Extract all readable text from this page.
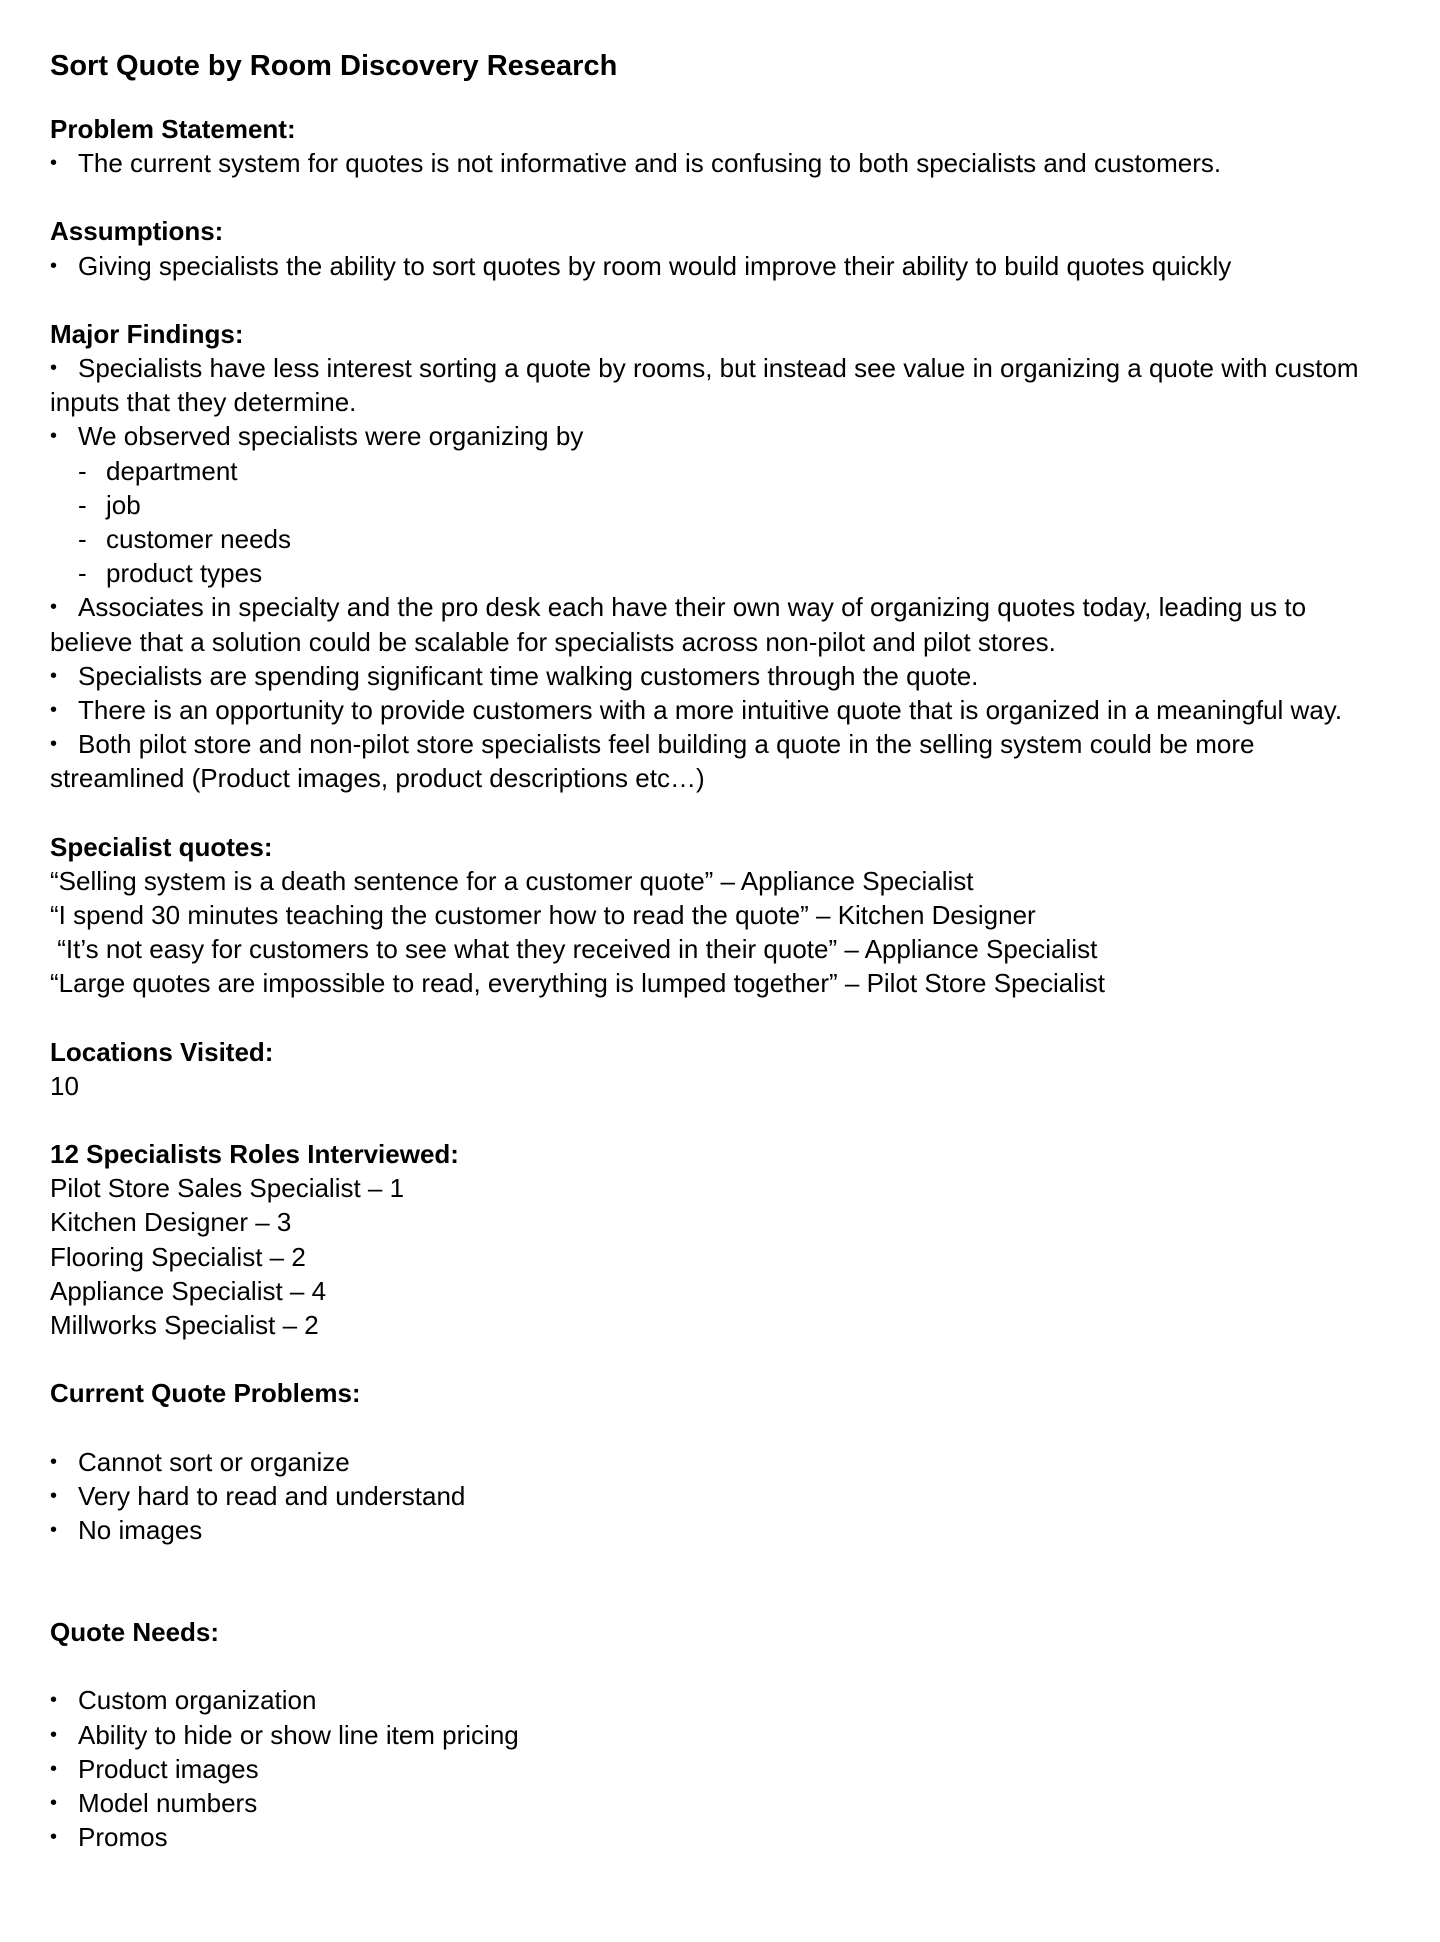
Sort Quote by Room Discovery Research

Problem Statement:

• The current system for quotes is not informative and is confusing to both specialists and customers.

Assumptions:

• Giving specialists the ability to sort quotes by room would improve their ability to build quotes quickly

Major Findings:

• Specialists have less interest sorting a quote by rooms, but instead see value in organizing a quote with custom inputs that they determine.

• We observed specialists were organizing by

- department

- job

- customer needs

- product types

• Associates in specialty and the pro desk each have their own way of organizing quotes today, leading us to believe that a solution could be scalable for specialists across non-pilot and pilot stores.

• Specialists are spending significant time walking customers through the quote.

• There is an opportunity to provide customers with a more intuitive quote that is organized in a meaningful way.

• Both pilot store and non-pilot store specialists feel building a quote in the selling system could be more streamlined (Product images, product descriptions etc…)

Specialist quotes:

“Selling system is a death sentence for a customer quote” – Appliance Specialist

“I spend 30 minutes teaching the customer how to read the quote” – Kitchen Designer

“It’s not easy for customers to see what they received in their quote” – Appliance Specialist

“Large quotes are impossible to read, everything is lumped together” – Pilot Store Specialist

Locations Visited:

10

12 Specialists Roles Interviewed:

Pilot Store Sales Specialist – 1

Kitchen Designer – 3

Flooring Specialist – 2

Appliance Specialist – 4

Millworks Specialist – 2

Current Quote Problems:

• Cannot sort or organize

• Very hard to read and understand

• No images

Quote Needs:

• Custom organization

• Ability to hide or show line item pricing

• Product images

• Model numbers

• Promos
